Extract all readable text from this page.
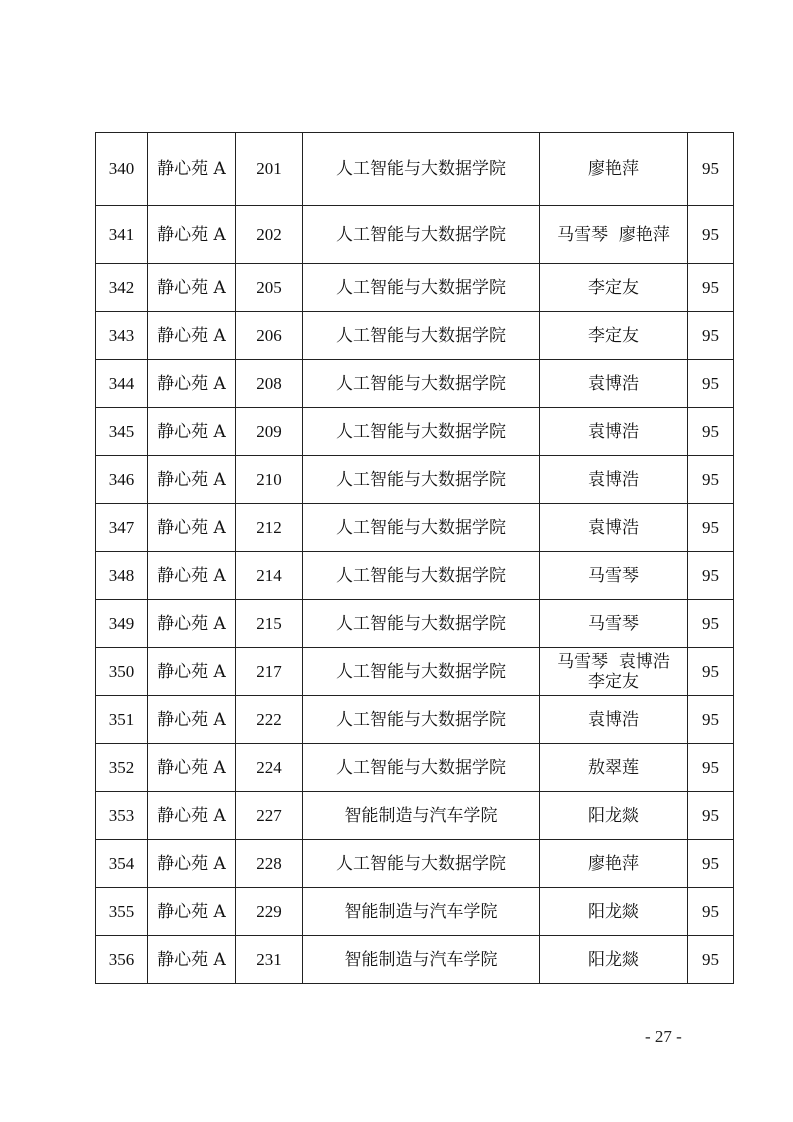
340	静心苑 A	201	人工智能与大数据学院	廖艳萍	95
341	静心苑 A	202	人工智能与大数据学院	马雪琴  廖艳萍	95
342	静心苑 A	205	人工智能与大数据学院	李定友	95
343	静心苑 A	206	人工智能与大数据学院	李定友	95
344	静心苑 A	208	人工智能与大数据学院	袁博浩	95
345	静心苑 A	209	人工智能与大数据学院	袁博浩	95
346	静心苑 A	210	人工智能与大数据学院	袁博浩	95
347	静心苑 A	212	人工智能与大数据学院	袁博浩	95
348	静心苑 A	214	人工智能与大数据学院	马雪琴	95
349	静心苑 A	215	人工智能与大数据学院	马雪琴	95
350	静心苑 A	217	人工智能与大数据学院	马雪琴  袁博浩
李定友	95
351	静心苑 A	222	人工智能与大数据学院	袁博浩	95
352	静心苑 A	224	人工智能与大数据学院	敖翠莲	95
353	静心苑 A	227	智能制造与汽车学院	阳龙燚	95
354	静心苑 A	228	人工智能与大数据学院	廖艳萍	95
355	静心苑 A	229	智能制造与汽车学院	阳龙燚	95
356	静心苑 A	231	智能制造与汽车学院	阳龙燚	95
- 27 -
